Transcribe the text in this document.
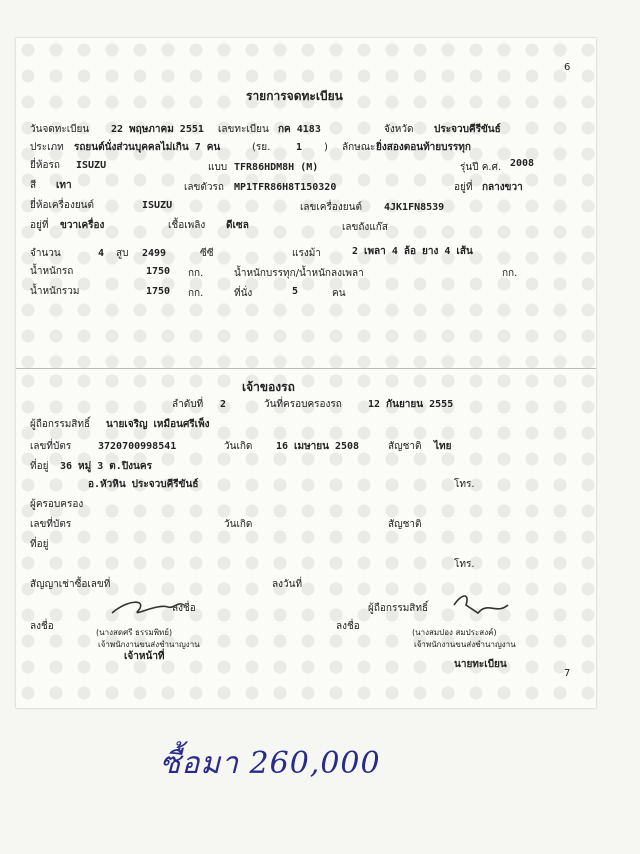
6
รายการจดทะเบียน
วันจดทะเบียน 22 พฤษภาคม 2551 เลขทะเบียน กค 4183	จังหวัด ประจวบคีรีขันธ์
ประเภท รถยนต์นั่งส่วนบุคคลไม่เกิน 7 คน	(รย.	1 ) ลักษณะ ยิ่งสองตอนท้ายบรรทุก
ยี่ห้อรถ ISUZU	แบบ TFR86HDM8H (M)	รุ่นปี ค.ศ. 2008
สี เทา	เลขตัวรถ MP1TFR86H8T150320	อยู่ที่ กลางขวา
ยี่ห้อเครื่องยนต์	ISUZU	เลขเครื่องยนต์ 4JK1FN8539
อยู่ที่ ขวาเครื่อง	เชื้อเพลิง ดีเซล	เลขถังแก๊ส
จำนวน	4 สูบ 2499	ซีซี	แรงม้า	2 เพลา 4 ล้อ ยาง 4 เส้น
น้ำหนักรถ	1750 กก.	น้ำหนักบรรทุก/น้ำหนักลงเพลา	กก.
น้ำหนักรวม	1750 กก.	ที่นั่ง	5	คน
เจ้าของรถ
ลำดับที่ 2	วันที่ครอบครองรถ	12 กันยายน 2555
ผู้ถือกรรมสิทธิ์ นายเจริญ เหมือนศรีเพ็ง
เลขที่บัตร	3720700998541	วันเกิด 16 เมษายน 2508	สัญชาติ ไทย
ที่อยู่ 36 หมู่ 3 ต.ปิงนคร
อ.หัวหิน ประจวบคีรีขันธ์	โทร.
ผู้ครอบครอง
เลขที่บัตร	วันเกิด	สัญชาติ
ที่อยู่
โทร.
สัญญาเช่าซื้อเลขที่	ลงวันที่
ลงชื่อ	ผู้ถือกรรมสิทธิ์
ลงชื่อ	ลงชื่อ
(นางสดศรี ธรรมพิทย์)
เจ้าพนักงานขนส่งชำนาญงาน
เจ้าหน้าที่
(นางสมปอง สมประสงค์)
เจ้าพนักงานขนส่งชำนาญงาน
นายทะเบียน
7
ซื้อมา 260,000
